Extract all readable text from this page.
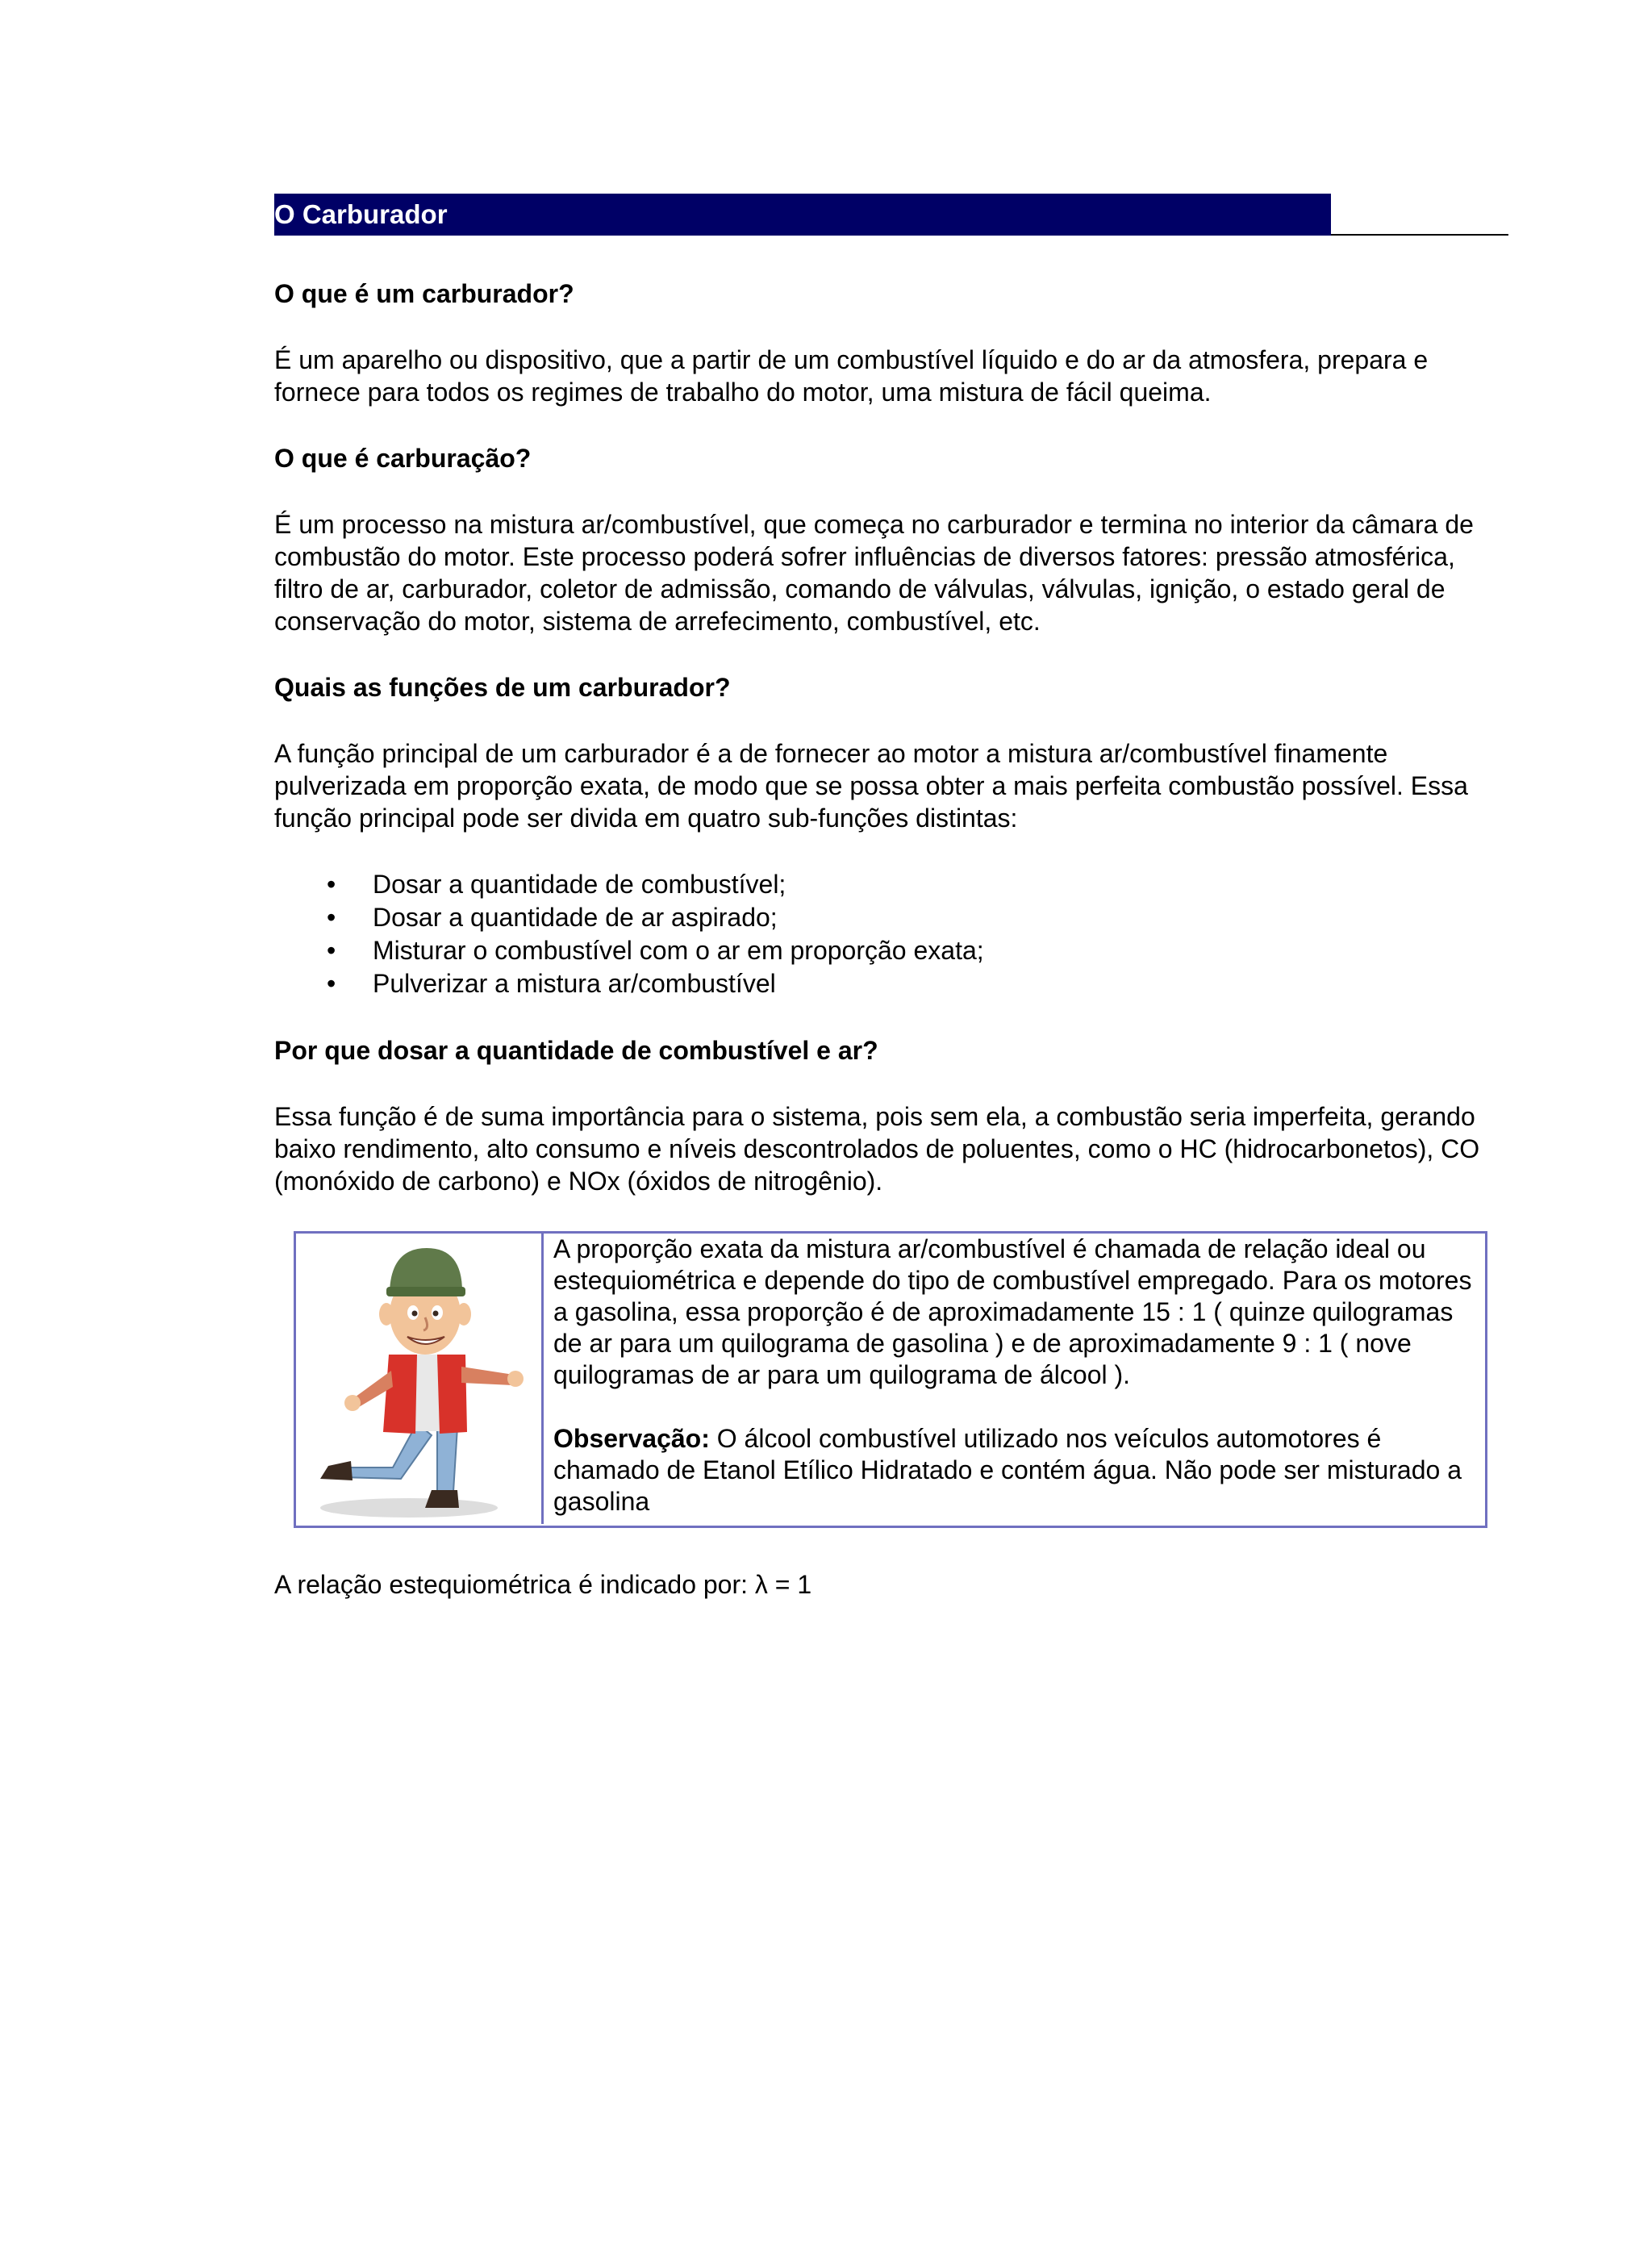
O Carburador
O que é um carburador?

É um aparelho ou dispositivo, que a partir de um combustível líquido e do ar da atmosfera, prepara e fornece para todos os regimes de trabalho do motor, uma mistura de fácil queima.

O que é carburação?

É um processo na mistura ar/combustível, que começa no carburador e termina no interior da câmara de combustão do motor. Este processo poderá sofrer influências de diversos fatores: pressão atmosférica, filtro de ar, carburador, coletor de admissão, comando de válvulas, válvulas, ignição, o estado geral de conservação do motor, sistema de arrefecimento, combustível, etc.

Quais as funções de um carburador?

A função principal de um carburador é a de fornecer ao motor a mistura ar/combustível finamente pulverizada em proporção exata, de modo que se possa obter a mais perfeita combustão possível. Essa função principal pode ser divida em quatro sub-funções distintas:

• Dosar a quantidade de combustível;
• Dosar a quantidade de ar aspirado;
• Misturar o combustível com o ar em proporção exata;
• Pulverizar a mistura ar/combustível
Por que dosar a quantidade de combustível e ar?

Essa função é de suma importância para o sistema, pois sem ela, a combustão seria imperfeita, gerando baixo rendimento, alto consumo e níveis descontrolados de poluentes, como o HC (hidrocarbonetos), CO (monóxido de carbono) e NOx (óxidos de nitrogênio).

A proporção exata da mistura ar/combustível é chamada de relação ideal ou estequiométrica e depende do tipo de combustível empregado. Para os motores a gasolina, essa proporção é de aproximadamente 15 : 1 ( quinze quilogramas de ar para um quilograma de gasolina ) e de aproximadamente 9 : 1 ( nove quilogramas de ar para um quilograma de álcool ).

Observação: O álcool combustível utilizado nos veículos automotores é chamado de Etanol Etílico Hidratado e contém água. Não pode ser misturado a gasolina

A relação estequiométrica é indicado por: λ = 1
